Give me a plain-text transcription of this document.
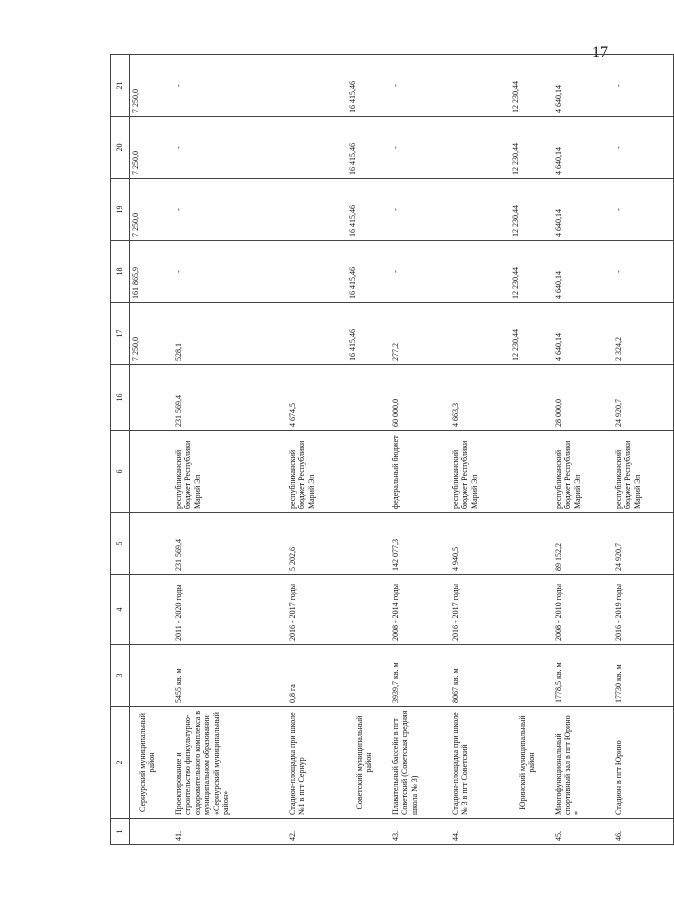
17
1	2	3	4	5	6	16	17	18	19	20	21
	Сернурский муниципальный район						7 250,0	161 865,9	7 250,0	7 250,0	7 250,0
41.	Проектирование и строительство физкультурно-оздоровительного комплекса в муниципальном образовании «Сернурский муниципальный район»	5455 кв. м	2011 - 2020 годы	231 569,4	республиканский бюджет Республики Марий Эл	231 569,4	528,1	-	-	-	-
42.	Стадион-площадка при школе №1 в пгт Сернур	0,8 га	2016 - 2017 годы	5 202,6	республиканский бюджет Республики Марий Эл	4 674,5					
	Советский муниципальный район						16 415,46	16 415,46	16 415,46	16 415,46	16 415,46
43.	Плавательный бассейн в пгт Советский (Советская средняя школа № 3)	3939,7 кв. м	2008 - 2014 годы	142 077,3	федеральный бюджет	60 000,0	277,2	-	-	-	-
44.	Стадион-площадка при школе № 3 в пгт Советский	8067 кв. м	2016 - 2017 годы	4 940,5	республиканский бюджет Республики Марий Эл	4 663,3					
	Юринский муниципальный район						12 230,44	12 230,44	12 230,44	12 230,44	12 230,44
45.	Многофункциональный спортивный зал в пгт Юрино *	1778,5 кв. м	2008 - 2010 годы	89 152,2	республиканский бюджет Республики Марий Эл	28 000,0	4 640,14	4 640,14	4 640,14	4 640,14	4 640,14
46.	Стадион в пгт Юрино	17730 кв. м	2016 - 2019 годы	24 920,7	республиканский бюджет Республики Марий Эл	24 920,7	2 324,2	-	-	-	-
